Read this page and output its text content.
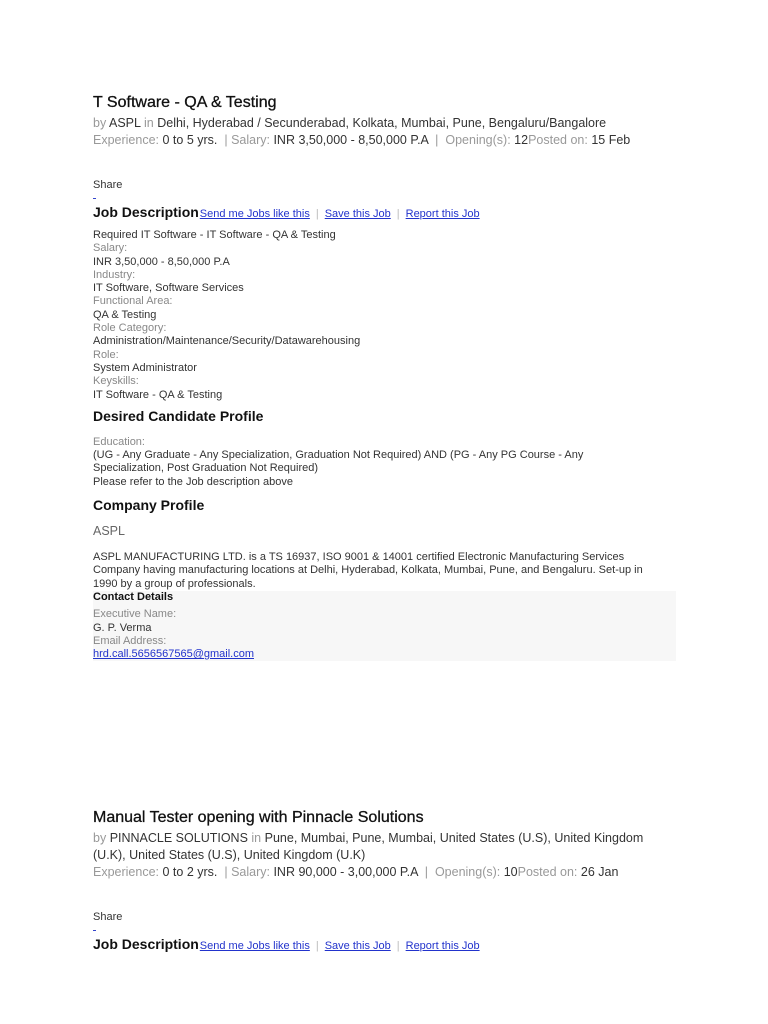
T Software - QA & Testing
by ASPL in Delhi, Hyderabad / Secunderabad, Kolkata, Mumbai, Pune, Bengaluru/Bangalore
Experience: 0 to 5 yrs. | Salary: INR 3,50,000 - 8,50,000 P.A | Opening(s): 12Posted on: 15 Feb
Share
Job Description Send me Jobs like this | Save this Job | Report this Job
Required IT Software - IT Software - QA & Testing
Salary:
INR 3,50,000 - 8,50,000 P.A
Industry:
IT Software, Software Services
Functional Area:
QA & Testing
Role Category:
Administration/Maintenance/Security/Datawarehousing
Role:
System Administrator
Keyskills:
IT Software - QA & Testing
Desired Candidate Profile
Education:
(UG - Any Graduate - Any Specialization, Graduation Not Required) AND (PG - Any PG Course - Any
Specialization, Post Graduation Not Required)
Please refer to the Job description above
Company Profile
ASPL
ASPL MANUFACTURING LTD. is a TS 16937, ISO 9001 & 14001 certified Electronic Manufacturing Services
Company having manufacturing locations at Delhi, Hyderabad, Kolkata, Mumbai, Pune, and Bengaluru. Set-up in
1990 by a group of professionals.
Contact Details
Executive Name:
G. P. Verma
Email Address:
hrd.call.5656567565@gmail.com
Manual Tester opening with Pinnacle Solutions
by PINNACLE SOLUTIONS in Pune, Mumbai, Pune, Mumbai, United States (U.S), United Kingdom
(U.K), United States (U.S), United Kingdom (U.K)
Experience: 0 to 2 yrs. | Salary: INR 90,000 - 3,00,000 P.A | Opening(s): 10Posted on: 26 Jan
Share
Job Description Send me Jobs like this | Save this Job | Report this Job
